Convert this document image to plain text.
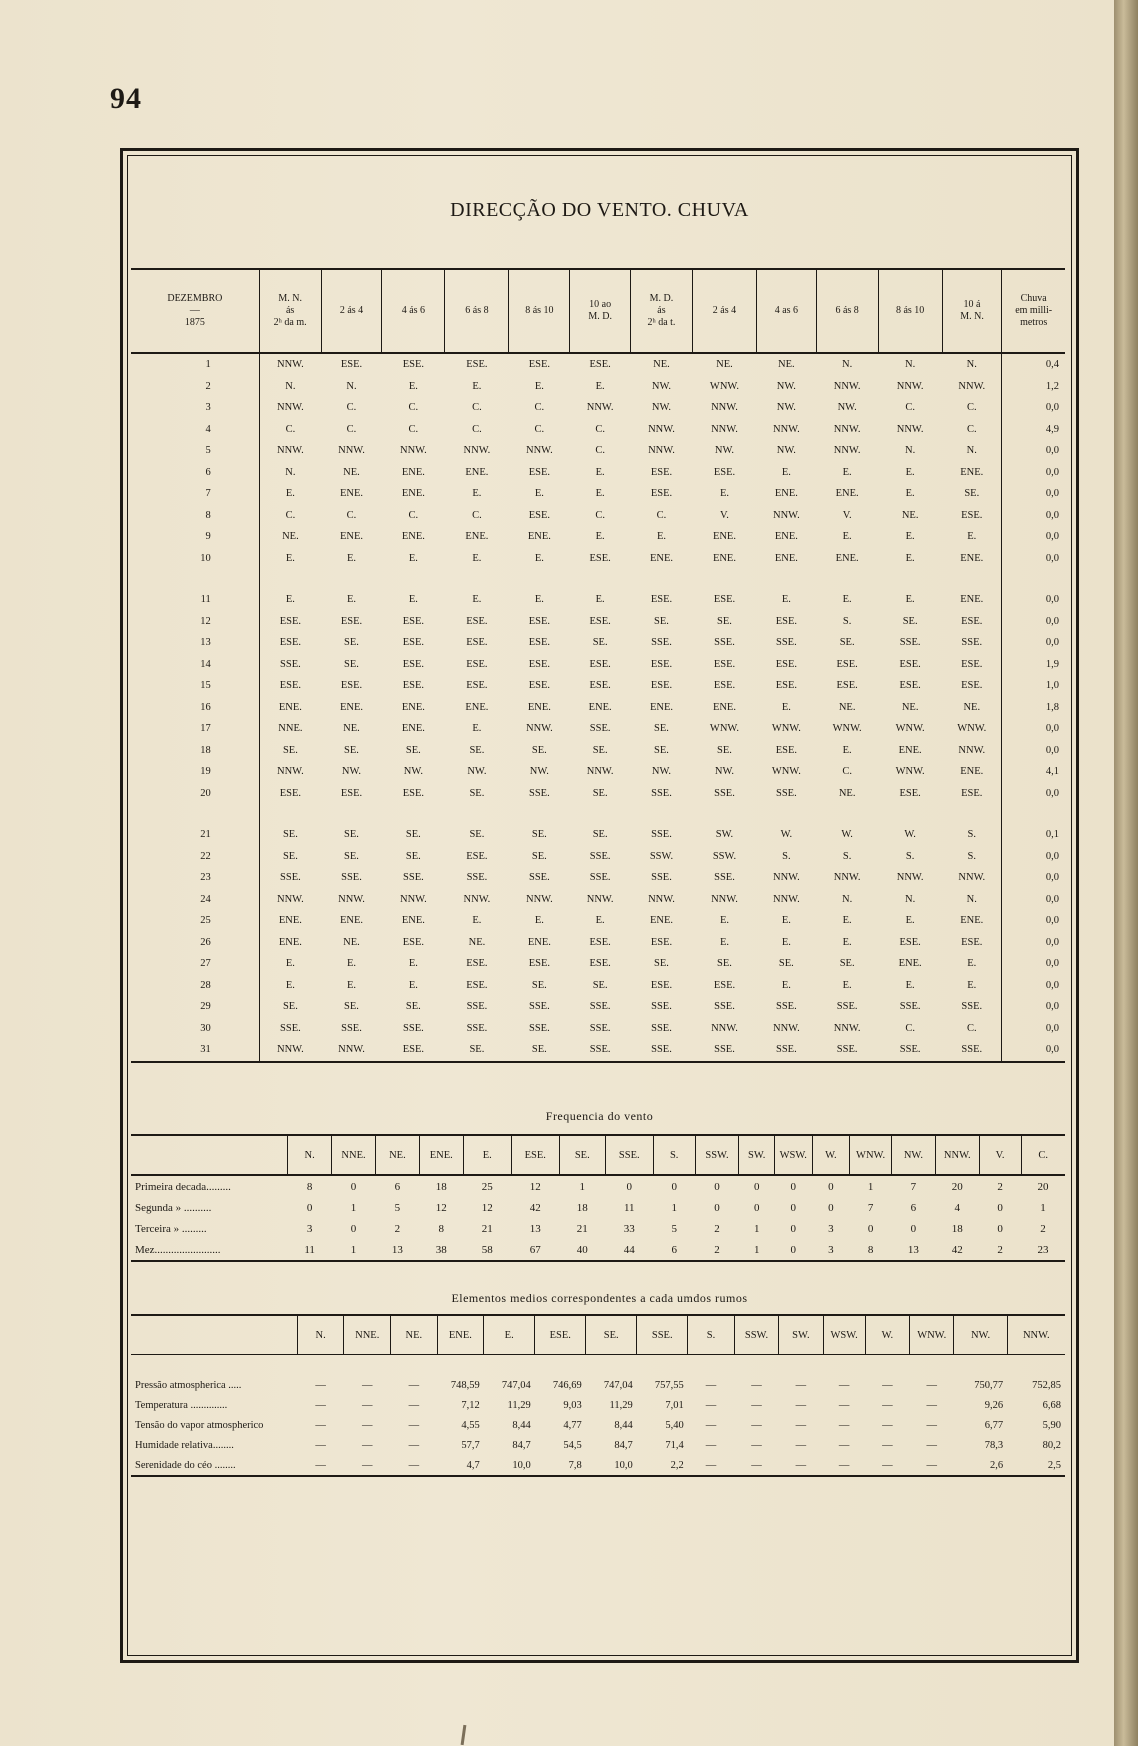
94
DIRECÇÃO DO VENTO. CHUVA
DEZEMBRO
—
1875	M. N.
ás
2ʰ da m.	2 ás 4	4 ás 6	6 ás 8	8 ás 10	10 ao
M. D.	M. D.
ás
2ʰ da t.	2 ás 4	4 as 6	6 ás 8	8 ás 10	10 á
M. N.	Chuva
em milli-
metros
1	NNW.	ESE.	ESE.	ESE.	ESE.	ESE.	NE.	NE.	NE.	N.	N.	N.	0,4
2	N.	N.	E.	E.	E.	E.	NW.	WNW.	NW.	NNW.	NNW.	NNW.	1,2
3	NNW.	C.	C.	C.	C.	NNW.	NW.	NNW.	NW.	NW.	C.	C.	0,0
4	C.	C.	C.	C.	C.	C.	NNW.	NNW.	NNW.	NNW.	NNW.	C.	4,9
5	NNW.	NNW.	NNW.	NNW.	NNW.	C.	NNW.	NW.	NW.	NNW.	N.	N.	0,0
6	N.	NE.	ENE.	ENE.	ESE.	E.	ESE.	ESE.	E.	E.	E.	ENE.	0,0
7	E.	ENE.	ENE.	E.	E.	E.	ESE.	E.	ENE.	ENE.	E.	SE.	0,0
8	C.	C.	C.	C.	ESE.	C.	C.	V.	NNW.	V.	NE.	ESE.	0,0
9	NE.	ENE.	ENE.	ENE.	ENE.	E.	E.	ENE.	ENE.	E.	E.	E.	0,0
10	E.	E.	E.	E.	E.	ESE.	ENE.	ENE.	ENE.	ENE.	E.	ENE.	0,0
11	E.	E.	E.	E.	E.	E.	ESE.	ESE.	E.	E.	E.	ENE.	0,0
12	ESE.	ESE.	ESE.	ESE.	ESE.	ESE.	SE.	SE.	ESE.	S.	SE.	ESE.	0,0
13	ESE.	SE.	ESE.	ESE.	ESE.	SE.	SSE.	SSE.	SSE.	SE.	SSE.	SSE.	0,0
14	SSE.	SE.	ESE.	ESE.	ESE.	ESE.	ESE.	ESE.	ESE.	ESE.	ESE.	ESE.	1,9
15	ESE.	ESE.	ESE.	ESE.	ESE.	ESE.	ESE.	ESE.	ESE.	ESE.	ESE.	ESE.	1,0
16	ENE.	ENE.	ENE.	ENE.	ENE.	ENE.	ENE.	ENE.	E.	NE.	NE.	NE.	1,8
17	NNE.	NE.	ENE.	E.	NNW.	SSE.	SE.	WNW.	WNW.	WNW.	WNW.	WNW.	0,0
18	SE.	SE.	SE.	SE.	SE.	SE.	SE.	SE.	ESE.	E.	ENE.	NNW.	0,0
19	NNW.	NW.	NW.	NW.	NW.	NNW.	NW.	NW.	WNW.	C.	WNW.	ENE.	4,1
20	ESE.	ESE.	ESE.	SE.	SSE.	SE.	SSE.	SSE.	SSE.	NE.	ESE.	ESE.	0,0
21	SE.	SE.	SE.	SE.	SE.	SE.	SSE.	SW.	W.	W.	W.	S.	0,1
22	SE.	SE.	SE.	ESE.	SE.	SSE.	SSW.	SSW.	S.	S.	S.	S.	0,0
23	SSE.	SSE.	SSE.	SSE.	SSE.	SSE.	SSE.	SSE.	NNW.	NNW.	NNW.	NNW.	0,0
24	NNW.	NNW.	NNW.	NNW.	NNW.	NNW.	NNW.	NNW.	NNW.	N.	N.	N.	0,0
25	ENE.	ENE.	ENE.	E.	E.	E.	ENE.	E.	E.	E.	E.	ENE.	0,0
26	ENE.	NE.	ESE.	NE.	ENE.	ESE.	ESE.	E.	E.	E.	ESE.	ESE.	0,0
27	E.	E.	E.	ESE.	ESE.	ESE.	SE.	SE.	SE.	SE.	ENE.	E.	0,0
28	E.	E.	E.	ESE.	SE.	SE.	ESE.	ESE.	E.	E.	E.	E.	0,0
29	SE.	SE.	SE.	SSE.	SSE.	SSE.	SSE.	SSE.	SSE.	SSE.	SSE.	SSE.	0,0
30	SSE.	SSE.	SSE.	SSE.	SSE.	SSE.	SSE.	NNW.	NNW.	NNW.	C.	C.	0,0
31	NNW.	NNW.	ESE.	SE.	SE.	SSE.	SSE.	SSE.	SSE.	SSE.	SSE.	SSE.	0,0
Frequencia do vento
	N.	NNE.	NE.	ENE.	E.	ESE.	SE.	SSE.	S.	SSW.	SW.	WSW.	W.	WNW.	NW.	NNW.	V.	C.
Primeira decada.........	8	0	6	18	25	12	1	0	0	0	0	0	0	1	7	20	2	20
Segunda » ..........	0	1	5	12	12	42	18	11	1	0	0	0	0	7	6	4	0	1
Terceira » .........	3	0	2	8	21	13	21	33	5	2	1	0	3	0	0	18	0	2
Mez........................	11	1	13	38	58	67	40	44	6	2	1	0	3	8	13	42	2	23
Elementos medios correspondentes a cada umdos rumos
	N.	NNE.	NE.	ENE.	E.	ESE.	SE.	SSE.	S.	SSW.	SW.	WSW.	W.	WNW.	NW.	NNW.

Pressão atmospherica .....	—	—	—	748,59	747,04	746,69	747,04	757,55	—	—	—	—	—	—	750,77	752,85
Temperatura ..............	—	—	—	7,12	11,29	9,03	11,29	7,01	—	—	—	—	—	—	9,26	6,68
Tensão do vapor atmospherico	—	—	—	4,55	8,44	4,77	8,44	5,40	—	—	—	—	—	—	6,77	5,90
Humidade relativa........	—	—	—	57,7	84,7	54,5	84,7	71,4	—	—	—	—	—	—	78,3	80,2
Serenidade do céo ........	—	—	—	4,7	10,0	7,8	10,0	2,2	—	—	—	—	—	—	2,6	2,5
